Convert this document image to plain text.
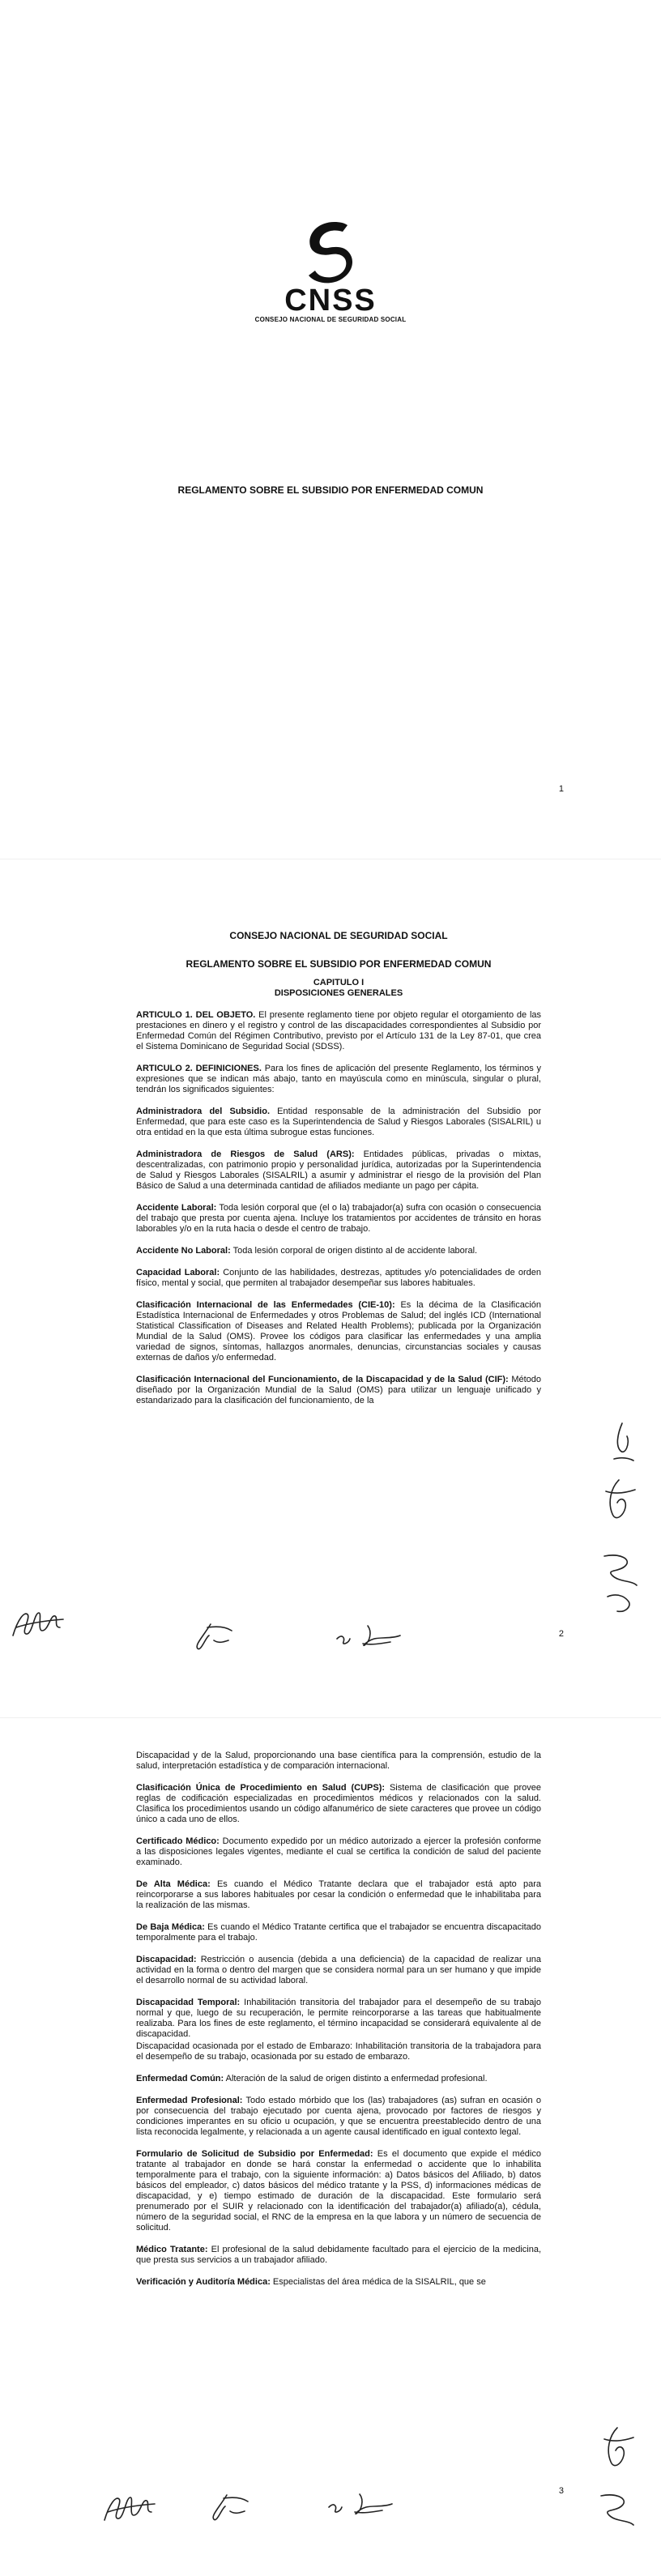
CNSS
CONSEJO NACIONAL DE SEGURIDAD SOCIAL
REGLAMENTO SOBRE EL SUBSIDIO POR ENFERMEDAD COMUN
1
CONSEJO NACIONAL DE SEGURIDAD SOCIAL
REGLAMENTO SOBRE EL SUBSIDIO POR ENFERMEDAD COMUN
CAPITULO I
DISPOSICIONES GENERALES

ARTICULO 1. DEL OBJETO. El presente reglamento tiene por objeto regular el otorgamiento de las prestaciones en dinero y el registro y control de las discapacidades correspondientes al Subsidio por Enfermedad Común del Régimen Contributivo, previsto por el Artículo 131 de la Ley 87-01, que crea el Sistema Dominicano de Seguridad Social (SDSS).

ARTICULO 2. DEFINICIONES. Para los fines de aplicación del presente Reglamento, los términos y expresiones que se indican más abajo, tanto en mayúscula como en minúscula, singular o plural, tendrán los significados siguientes:

Administradora del Subsidio. Entidad responsable de la administración del Subsidio por Enfermedad, que para este caso es la Superintendencia de Salud y Riesgos Laborales (SISALRIL) u otra entidad en la que esta última subrogue estas funciones.

Administradora de Riesgos de Salud (ARS): Entidades públicas, privadas o mixtas, descentralizadas, con patrimonio propio y personalidad jurídica, autorizadas por la Superintendencia de Salud y Riesgos Laborales (SISALRIL) a asumir y administrar el riesgo de la provisión del Plan Básico de Salud a una determinada cantidad de afiliados mediante un pago per cápita.

Accidente Laboral: Toda lesión corporal que (el o la) trabajador(a) sufra con ocasión o consecuencia del trabajo que presta por cuenta ajena. Incluye los tratamientos por accidentes de tránsito en horas laborables y/o en la ruta hacia o desde el centro de trabajo.

Accidente No Laboral: Toda lesión corporal de origen distinto al de accidente laboral.

Capacidad Laboral: Conjunto de las habilidades, destrezas, aptitudes y/o potencialidades de orden físico, mental y social, que permiten al trabajador desempeñar sus labores habituales.

Clasificación Internacional de las Enfermedades (CIE-10): Es la décima de la Clasificación Estadística Internacional de Enfermedades y otros Problemas de Salud; del inglés ICD (International Statistical Classification of Diseases and Related Health Problems); publicada por la Organización Mundial de la Salud (OMS). Provee los códigos para clasificar las enfermedades y una amplia variedad de signos, síntomas, hallazgos anormales, denuncias, circunstancias sociales y causas externas de daños y/o enfermedad.

Clasificación Internacional del Funcionamiento, de la Discapacidad y de la Salud (CIF): Método diseñado por la Organización Mundial de la Salud (OMS) para utilizar un lenguaje unificado y estandarizado para la clasificación del funcionamiento, de la

2

Discapacidad y de la Salud, proporcionando una base científica para la comprensión, estudio de la salud, interpretación estadística y de comparación internacional.

Clasificación Única de Procedimiento en Salud (CUPS): Sistema de clasificación que provee reglas de codificación especializadas en procedimientos médicos y relacionados con la salud. Clasifica los procedimientos usando un código alfanumérico de siete caracteres que provee un código único a cada uno de ellos.

Certificado Médico: Documento expedido por un médico autorizado a ejercer la profesión conforme a las disposiciones legales vigentes, mediante el cual se certifica la condición de salud del paciente examinado.

De Alta Médica: Es cuando el Médico Tratante declara que el trabajador está apto para reincorporarse a sus labores habituales por cesar la condición o enfermedad que le inhabilitaba para la realización de las mismas.

De Baja Médica: Es cuando el Médico Tratante certifica que el trabajador se encuentra discapacitado temporalmente para el trabajo.

Discapacidad: Restricción o ausencia (debida a una deficiencia) de la capacidad de realizar una actividad en la forma o dentro del margen que se considera normal para un ser humano y que impide el desarrollo normal de su actividad laboral.

Discapacidad Temporal: Inhabilitación transitoria del trabajador para el desempeño de su trabajo normal y que, luego de su recuperación, le permite reincorporarse a las tareas que habitualmente realizaba. Para los fines de este reglamento, el término incapacidad se considerará equivalente al de discapacidad.

Discapacidad ocasionada por el estado de Embarazo: Inhabilitación transitoria de la trabajadora para el desempeño de su trabajo, ocasionada por su estado de embarazo.

Enfermedad Común: Alteración de la salud de origen distinto a enfermedad profesional.

Enfermedad Profesional: Todo estado mórbido que los (las) trabajadores (as) sufran en ocasión o por consecuencia del trabajo ejecutado por cuenta ajena, provocado por factores de riesgos y condiciones imperantes en su oficio u ocupación, y que se encuentra preestablecido dentro de una lista reconocida legalmente, y relacionada a un agente causal identificado en igual contexto legal.

Formulario de Solicitud de Subsidio por Enfermedad: Es el documento que expide el médico tratante al trabajador en donde se hará constar la enfermedad o accidente que lo inhabilita temporalmente para el trabajo, con la siguiente información: a) Datos básicos del Afiliado, b) datos básicos del empleador, c) datos básicos del médico tratante y la PSS, d) informaciones médicas de discapacidad, y e) tiempo estimado de duración de la discapacidad. Este formulario será prenumerado por el SUIR y relacionado con la identificación del trabajador(a) afiliado(a), cédula, número de la seguridad social, el RNC de la empresa en la que labora y un número de secuencia de solicitud.

Médico Tratante: El profesional de la salud debidamente facultado para el ejercicio de la medicina, que presta sus servicios a un trabajador afiliado.

Verificación y Auditoría Médica: Especialistas del área médica de la SISALRIL, que se

3
